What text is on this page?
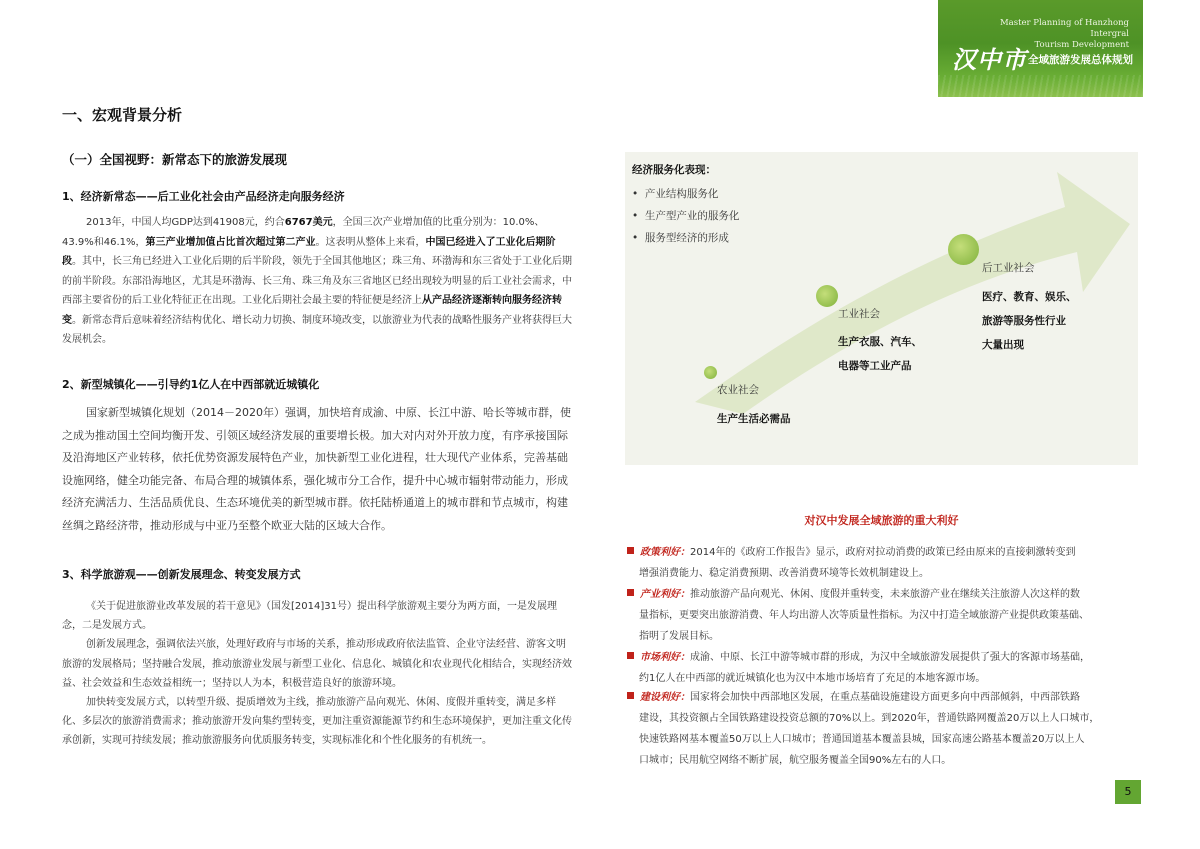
Master Planning of Hanzhong Intergral
Tourism Development
汉中市 全域旅游发展总体规划
一、宏观背景分析
（一）全国视野：新常态下的旅游发展现
1、经济新常态——后工业化社会由产品经济走向服务经济
2013年，中国人均GDP达到41908元，约合6767美元，全国三次产业增加值的比重分别为：10.0%、43.9%和46.1%，第三产业增加值占比首次超过第二产业。这表明从整体上来看，中国已经进入了工业化后期阶段。其中，长三角已经进入工业化后期的后半阶段，领先于全国其他地区；珠三角、环渤海和东三省处于工业化后期的前半阶段。东部沿海地区，尤其是环渤海、长三角、珠三角及东三省地区已经出现较为明显的后工业社会需求，中西部主要省份的后工业化特征正在出现。工业化后期社会最主要的特征便是经济上从产品经济逐渐转向服务经济转变。新常态背后意味着经济结构优化、增长动力切换、制度环境改变，以旅游业为代表的战略性服务产业将获得巨大发展机会。
2、新型城镇化——引导约1亿人在中西部就近城镇化
国家新型城镇化规划（2014－2020年）强调，加快培育成渝、中原、长江中游、哈长等城市群，使之成为推动国土空间均衡开发、引领区域经济发展的重要增长极。加大对内对外开放力度，有序承接国际及沿海地区产业转移，依托优势资源发展特色产业，加快新型工业化进程，壮大现代产业体系，完善基础设施网络，健全功能完备、布局合理的城镇体系，强化城市分工合作，提升中心城市辐射带动能力，形成经济充满活力、生活品质优良、生态环境优美的新型城市群。依托陆桥通道上的城市群和节点城市，构建丝绸之路经济带，推动形成与中亚乃至整个欧亚大陆的区域大合作。
3、科学旅游观——创新发展理念、转变发展方式
《关于促进旅游业改革发展的若干意见》（国发[2014]31号）提出科学旅游观主要分为两方面，一是发展理念，二是发展方式。
创新发展理念，强调依法兴旅，处理好政府与市场的关系，推动形成政府依法监管、企业守法经营、游客文明旅游的发展格局；坚持融合发展，推动旅游业发展与新型工业化、信息化、城镇化和农业现代化相结合，实现经济效益、社会效益和生态效益相统一；坚持以人为本，积极营造良好的旅游环境。
加快转变发展方式，以转型升级、提质增效为主线，推动旅游产品向观光、休闲、度假并重转变，满足多样化、多层次的旅游消费需求；推动旅游开发向集约型转变，更加注重资源能源节约和生态环境保护，更加注重文化传承创新，实现可持续发展；推动旅游服务向优质服务转变，实现标准化和个性化服务的有机统一。
经济服务化表现：
•  产业结构服务化
•  生产型产业的服务化
•  服务型经济的形成
农业社会
生产生活必需品
工业社会
生产衣服、汽车、
电器等工业产品
后工业社会
医疗、教育、娱乐、
旅游等服务性行业
大量出现
对汉中发展全域旅游的重大利好
政策利好：2014年的《政府工作报告》显示，政府对拉动消费的政策已经由原来的直接刺激转变到
增强消费能力、稳定消费预期、改善消费环境等长效机制建设上。
产业利好：推动旅游产品向观光、休闲、度假并重转变，未来旅游产业在继续关注旅游人次这样的数
量指标，更要突出旅游消费、年人均出游人次等质量性指标。为汉中打造全域旅游产业提供政策基础、
指明了发展目标。
市场利好：成渝、中原、长江中游等城市群的形成，为汉中全域旅游发展提供了强大的客源市场基础，
约1亿人在中西部的就近城镇化也为汉中本地市场培育了充足的本地客源市场。
建设利好：国家将会加快中西部地区发展，在重点基础设施建设方面更多向中西部倾斜，中西部铁路
建设，其投资额占全国铁路建设投资总额的70%以上。到2020年，普通铁路网覆盖20万以上人口城市，
快速铁路网基本覆盖50万以上人口城市；普通国道基本覆盖县城，国家高速公路基本覆盖20万以上人
口城市；民用航空网络不断扩展，航空服务覆盖全国90%左右的人口。
5
